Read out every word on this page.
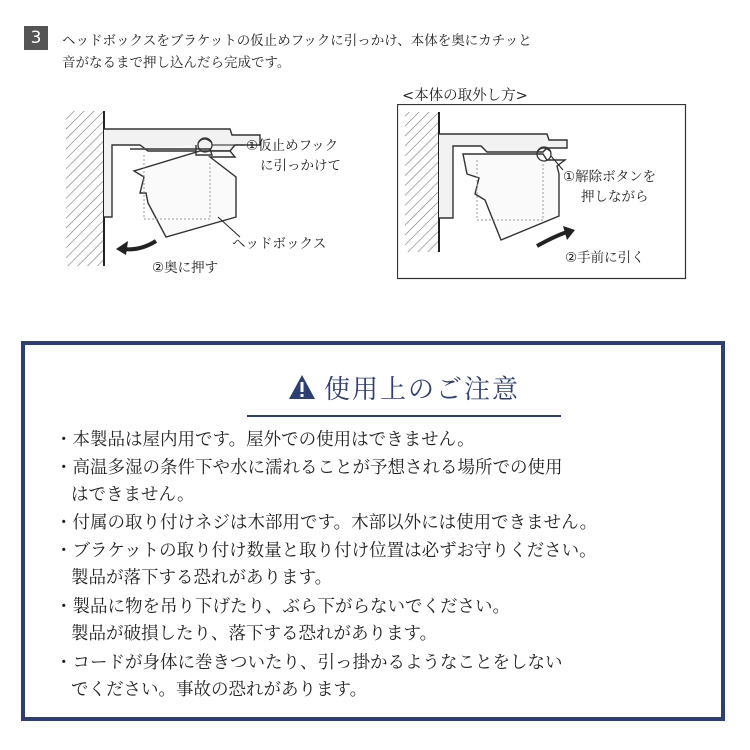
3	ヘッドボックスをブラケットの仮止めフックに引っかけ、本体を奥にカチッと
音がなるまで押し込んだら完成です。
①仮止めフック
に引っかけて
ヘッドボックス
②奥に押す
<本体の取外し方>
①解除ボタンを
押しながら
②手前に引く
使用上のご注意
・本製品は屋内用です。屋外での使用はできません。
・高温多湿の条件下や水に濡れることが予想される場所での使用
はできません。
・付属の取り付けネジは木部用です。木部以外には使用できません。
・ブラケットの取り付け数量と取り付け位置は必ずお守りください。
製品が落下する恐れがあります。
・製品に物を吊り下げたり、ぶら下がらないでください。
製品が破損したり、落下する恐れがあります。
・コードが身体に巻きついたり、引っ掛かるようなことをしない
でください。事故の恐れがあります。
